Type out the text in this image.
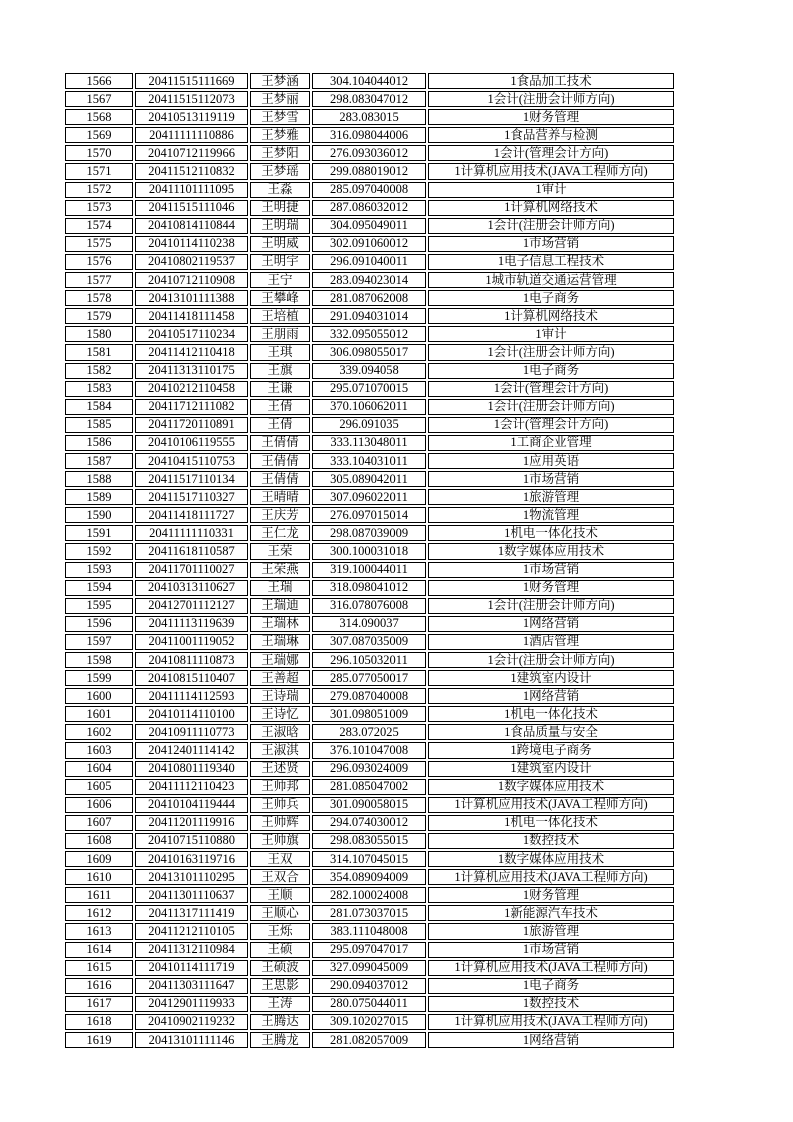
1566	20411515111669	王梦涵	304.104044012	1食品加工技术
1567	20411515112073	王梦丽	298.083047012	1会计(注册会计师方向)
1568	20410513119119	王梦雪	283.083015	1财务管理
1569	20411111110886	王梦雅	316.098044006	1食品营养与检测
1570	20410712119966	王梦阳	276.093036012	1会计(管理会计方向)
1571	20411512110832	王梦瑶	299.088019012	1计算机应用技术(JAVA工程师方向)
1572	20411101111095	王淼	285.097040008	1审计
1573	20411515111046	王明捷	287.086032012	1计算机网络技术
1574	20410814110844	王明瑞	304.095049011	1会计(注册会计师方向)
1575	20410114110238	王明威	302.091060012	1市场营销
1576	20410802119537	王明宇	296.091040011	1电子信息工程技术
1577	20410712110908	王宁	283.094023014	1城市轨道交通运营管理
1578	20413101111388	王攀峰	281.087062008	1电子商务
1579	20411418111458	王培植	291.094031014	1计算机网络技术
1580	20410517110234	王朋雨	332.095055012	1审计
1581	20411412110418	王琪	306.098055017	1会计(注册会计师方向)
1582	20411313110175	王旗	339.094058	1电子商务
1583	20410212110458	王谦	295.071070015	1会计(管理会计方向)
1584	20411712111082	王倩	370.106062011	1会计(注册会计师方向)
1585	20411720110891	王倩	296.091035	1会计(管理会计方向)
1586	20410106119555	王倩倩	333.113048011	1工商企业管理
1587	20410415110753	王倩倩	333.104031011	1应用英语
1588	20411517110134	王倩倩	305.089042011	1市场营销
1589	20411517110327	王晴晴	307.096022011	1旅游管理
1590	20411418111727	王庆芳	276.097015014	1物流管理
1591	20411111110331	王仁龙	298.087039009	1机电一体化技术
1592	20411618110587	王荣	300.100031018	1数字媒体应用技术
1593	20411701110027	王荣燕	319.100044011	1市场营销
1594	20410313110627	王瑞	318.098041012	1财务管理
1595	20412701112127	王瑞迪	316.078076008	1会计(注册会计师方向)
1596	20411113119639	王瑞林	314.090037	1网络营销
1597	20411001119052	王瑞琳	307.087035009	1酒店管理
1598	20410811110873	王瑞娜	296.105032011	1会计(注册会计师方向)
1599	20410815110407	王善超	285.077050017	1建筑室内设计
1600	20411114112593	王诗瑞	279.087040008	1网络营销
1601	20410114110100	王诗忆	301.098051009	1机电一体化技术
1602	20410911110773	王淑晗	283.072025	1食品质量与安全
1603	20412401114142	王淑淇	376.101047008	1跨境电子商务
1604	20410801119340	王述贤	296.093024009	1建筑室内设计
1605	20411112110423	王帅邦	281.085047002	1数字媒体应用技术
1606	20410104119444	王帅兵	301.090058015	1计算机应用技术(JAVA工程师方向)
1607	20411201119916	王帅辉	294.074030012	1机电一体化技术
1608	20410715110880	王帅旗	298.083055015	1数控技术
1609	20410163119716	王双	314.107045015	1数字媒体应用技术
1610	20413101110295	王双合	354.089094009	1计算机应用技术(JAVA工程师方向)
1611	20411301110637	王顺	282.100024008	1财务管理
1612	20411317111419	王顺心	281.073037015	1新能源汽车技术
1613	20411212110105	王烁	383.111048008	1旅游管理
1614	20411312110984	王硕	295.097047017	1市场营销
1615	20410114111719	王硕波	327.099045009	1计算机应用技术(JAVA工程师方向)
1616	20411303111647	王思影	290.094037012	1电子商务
1617	20412901119933	王涛	280.075044011	1数控技术
1618	20410902119232	王腾达	309.102027015	1计算机应用技术(JAVA工程师方向)
1619	20413101111146	王腾龙	281.082057009	1网络营销
